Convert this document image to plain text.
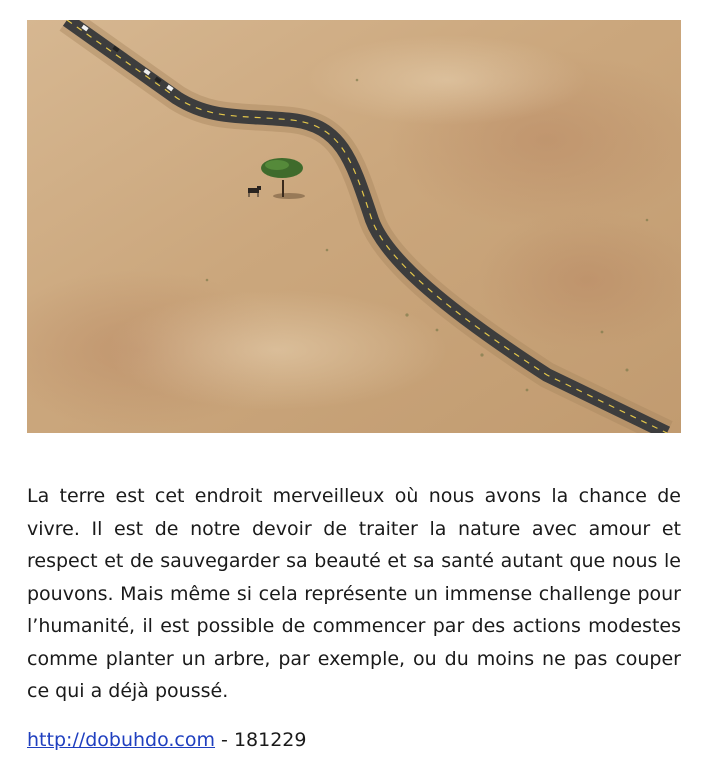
La terre est cet endroit merveilleux où nous avons la chance de vivre. Il est de notre devoir de traiter la nature avec amour et respect et de sauvegarder sa beauté et sa santé autant que nous le pouvons. Mais même si cela représente un immense challenge pour l’humanité, il est possible de commencer par des actions modestes comme planter un arbre, par exemple, ou du moins ne pas couper ce qui a déjà poussé.

http://dobuhdo.com - 181229
